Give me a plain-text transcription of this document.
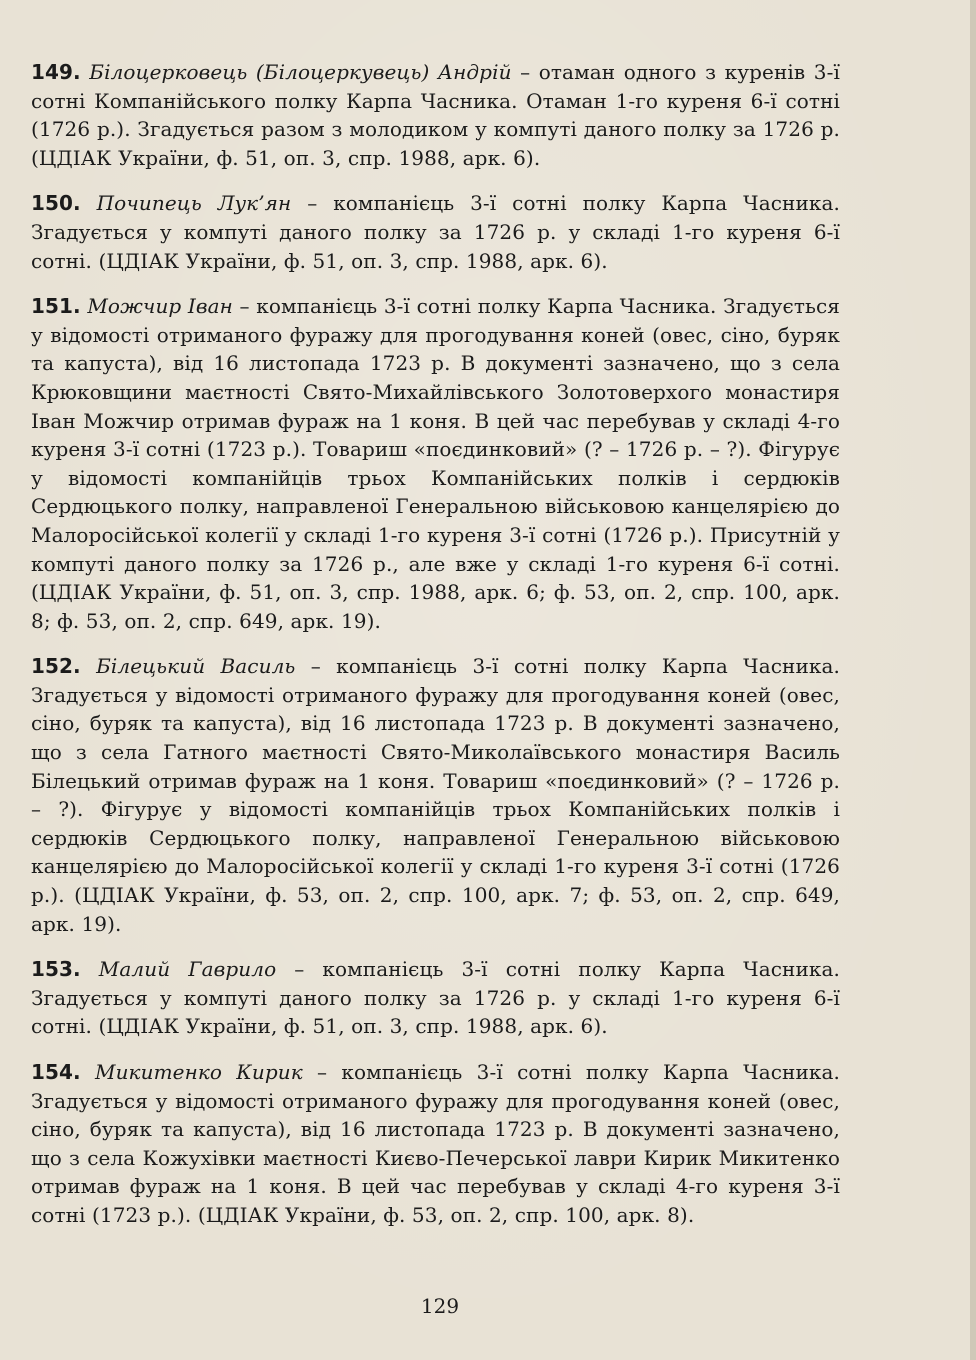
149. Білоцерковець (Білоцеркувець) Андрій – отаман одного з куренів 3-ї сотні Компанійського полку Карпа Часника. Отаман 1-го куреня 6-ї сотні (1726 р.). Згадується разом з молодиком у компуті даного полку за 1726 р. (ЦДІАК України, ф. 51, оп. 3, спр. 1988, арк. 6).

150. Почипець Лук’ян – компанієць 3-ї сотні полку Карпа Часника. Згадується у компуті даного полку за 1726 р. у складі 1-го куреня 6-ї сотні. (ЦДІАК України, ф. 51, оп. 3, спр. 1988, арк. 6).

151. Можчир Іван – компанієць 3-ї сотні полку Карпа Часника. Згадується у відомості отриманого фуражу для прогодування коней (овес, сіно, буряк та капуста), від 16 листопада 1723 р. В документі зазначено, що з села Крюковщини маєтності Свято-Михайлівського Золотоверхого монастиря Іван Можчир отримав фураж на 1 коня. В цей час перебував у складі 4-го куреня 3-ї сотні (1723 р.). Товариш «поєдинковий» (? – 1726 р. – ?). Фігурує у відомості компанійців трьох Компанійських полків і сердюків Сердюцького полку, направленої Генеральною військовою канцелярією до Малоросійської колегії у складі 1-го куреня 3-ї сотні (1726 р.). Присутній у компуті даного полку за 1726 р., але вже у складі 1-го куреня 6-ї сотні. (ЦДІАК України, ф. 51, оп. 3, спр. 1988, арк. 6; ф. 53, оп. 2, спр. 100, арк. 8; ф. 53, оп. 2, спр. 649, арк. 19).

152. Білецький Василь – компанієць 3-ї сотні полку Карпа Часника. Згадується у відомості отриманого фуражу для прогодування коней (овес, сіно, буряк та капуста), від 16 листопада 1723 р. В документі зазначено, що з села Гатного маєтності Свято-Миколаївського монастиря Василь Білецький отримав фураж на 1 коня. Товариш «поєдинковий» (? – 1726 р. – ?). Фігурує у відомості компанійців трьох Компанійських полків і сердюків Сердюцького полку, направленої Генеральною військовою канцелярією до Малоросійської колегії у складі 1-го куреня 3-ї сотні (1726 р.). (ЦДІАК України, ф. 53, оп. 2, спр. 100, арк. 7; ф. 53, оп. 2, спр. 649, арк. 19).

153. Малий Гаврило – компанієць 3-ї сотні полку Карпа Часника. Згадується у компуті даного полку за 1726 р. у складі 1-го куреня 6-ї сотні. (ЦДІАК України, ф. 51, оп. 3, спр. 1988, арк. 6).

154. Микитенко Кирик – компанієць 3-ї сотні полку Карпа Часника. Згадується у відомості отриманого фуражу для прогодування коней (овес, сіно, буряк та капуста), від 16 листопада 1723 р. В документі зазначено, що з села Кожухівки маєтності Києво-Печерської лаври Кирик Микитенко отримав фураж на 1 коня. В цей час перебував у складі 4-го куреня 3-ї сотні (1723 р.). (ЦДІАК України, ф. 53, оп. 2, спр. 100, арк. 8).

129
